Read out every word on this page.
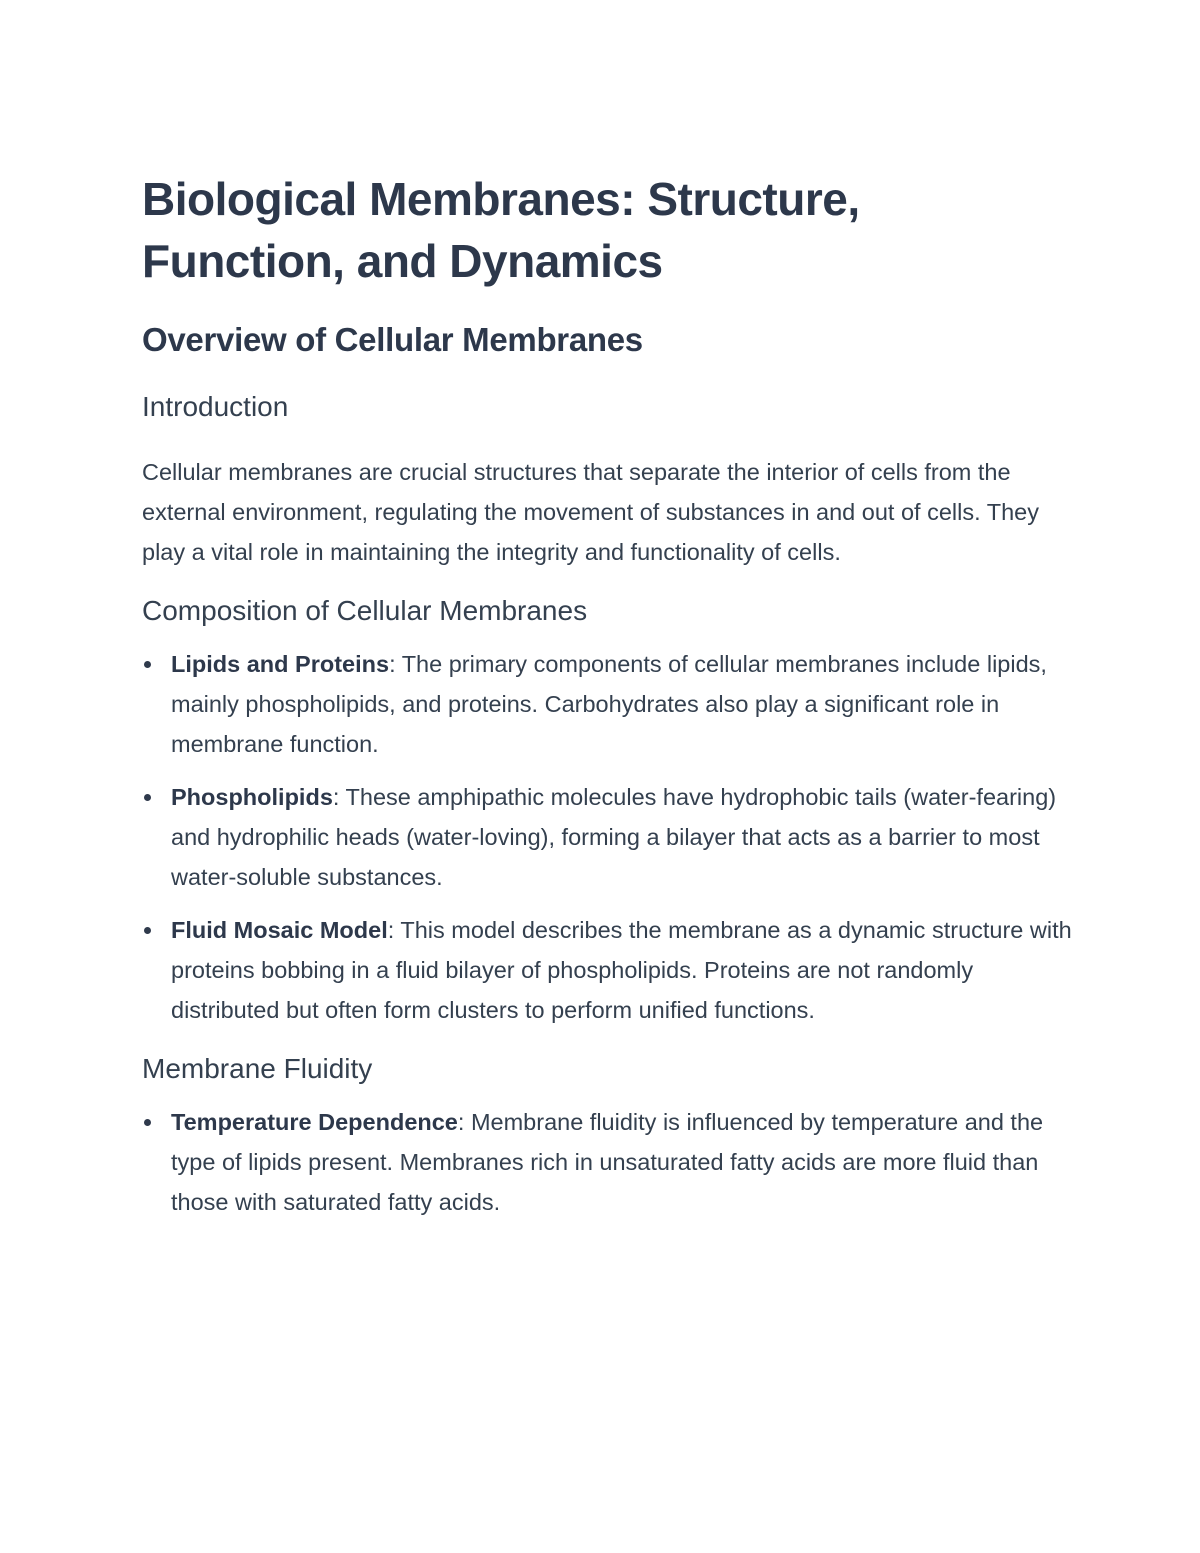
Biological Membranes: Structure, Function, and Dynamics
Overview of Cellular Membranes
Introduction

Cellular membranes are crucial structures that separate the interior of cells from the external environment, regulating the movement of substances in and out of cells. They play a vital role in maintaining the integrity and functionality of cells.

Composition of Cellular Membranes
Lipids and Proteins: The primary components of cellular membranes include lipids, mainly phospholipids, and proteins. Carbohydrates also play a significant role in membrane function.
Phospholipids: These amphipathic molecules have hydrophobic tails (water-fearing) and hydrophilic heads (water-loving), forming a bilayer that acts as a barrier to most water-soluble substances.
Fluid Mosaic Model: This model describes the membrane as a dynamic structure with proteins bobbing in a fluid bilayer of phospholipids. Proteins are not randomly distributed but often form clusters to perform unified functions.
Membrane Fluidity
Temperature Dependence: Membrane fluidity is influenced by temperature and the type of lipids present. Membranes rich in unsaturated fatty acids are more fluid than those with saturated fatty acids.
